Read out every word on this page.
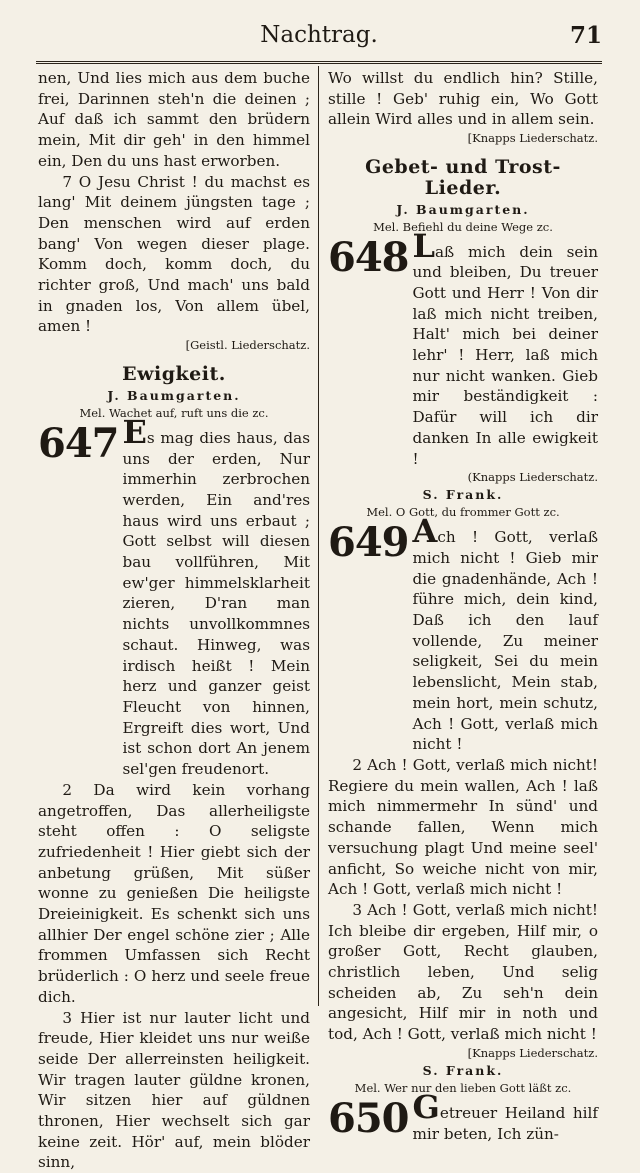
Nachtrag.	71

nen, Und lies mich aus dem buche frei, Darinnen steh'n die deinen ; Auf daß ich sammt den brüdern mein, Mit dir geh' in den himmel ein, Den du uns hast erworben.

7 O Jesu Christ ! du machst es lang' Mit deinem jüngsten tage ; Den menschen wird auf erden bang' Von wegen dieser plage. Komm doch, komm doch, du richter groß, Und mach' uns bald in gnaden los, Von allem übel, amen !

[Geistl. Liederschatz.

Ewigkeit.

J. Baumgarten.

Mel. Wachet auf, ruft uns die zc.

647 Es mag dies haus, das uns der erden, Nur immerhin zerbrochen werden, Ein and'res haus wird uns erbaut ; Gott selbst will diesen bau vollführen, Mit ew'ger himmelsklarheit zieren, D'ran man nichts unvollkommnes schaut. Hinweg, was irdisch heißt ! Mein herz und ganzer geist Fleucht von hinnen, Ergreift dies wort, Und ist schon dort An jenem sel'gen freudenort.

2 Da wird kein vorhang angetroffen, Das allerheiligste steht offen : O seligste zufriedenheit ! Hier giebt sich der anbetung grüßen, Mit süßer wonne zu genießen Die heiligste Dreieinigkeit. Es schenkt sich uns allhier Der engel schöne zier ; Alle frommen Umfassen sich Recht brüderlich : O herz und seele freue dich.

3 Hier ist nur lauter licht und freude, Hier kleidet uns nur weiße seide Der allerreinsten heiligkeit. Wir tragen lauter güldne kronen, Wir sitzen hier auf güldnen thronen, Hier wechselt sich gar keine zeit. Hör' auf, mein blöder sinn,

Wo willst du endlich hin? Stille, stille ! Geb' ruhig ein, Wo Gott allein Wird alles und in allem sein.

[Knapps Liederschatz.

Gebet- und Trost-Lieder.

J. Baumgarten.

Mel. Befiehl du deine Wege zc.

648 Laß mich dein sein und bleiben, Du treuer Gott und Herr ! Von dir laß mich nicht treiben, Halt' mich bei deiner lehr' ! Herr, laß mich nur nicht wanken. Gieb mir beständigkeit : Dafür will ich dir danken In alle ewigkeit !

(Knapps Liederschatz.

S. Frank.

Mel. O Gott, du frommer Gott zc.

649 Ach ! Gott, verlaß mich nicht ! Gieb mir die gnadenhände, Ach ! führe mich, dein kind, Daß ich den lauf vollende, Zu meiner seligkeit, Sei du mein lebenslicht, Mein stab, mein hort, mein schutz, Ach ! Gott, verlaß mich nicht !

2 Ach ! Gott, verlaß mich nicht! Regiere du mein wallen, Ach ! laß mich nimmermehr In sünd' und schande fallen, Wenn mich versuchung plagt Und meine seel' anficht, So weiche nicht von mir, Ach ! Gott, verlaß mich nicht !

3 Ach ! Gott, verlaß mich nicht! Ich bleibe dir ergeben, Hilf mir, o großer Gott, Recht glauben, christlich leben, Und selig scheiden ab, Zu seh'n dein angesicht, Hilf mir in noth und tod, Ach ! Gott, verlaß mich nicht !

[Knapps Liederschatz.

S. Frank.

Mel. Wer nur den lieben Gott läßt zc.

650 Getreuer Heiland hilf mir beten, Ich zün-
